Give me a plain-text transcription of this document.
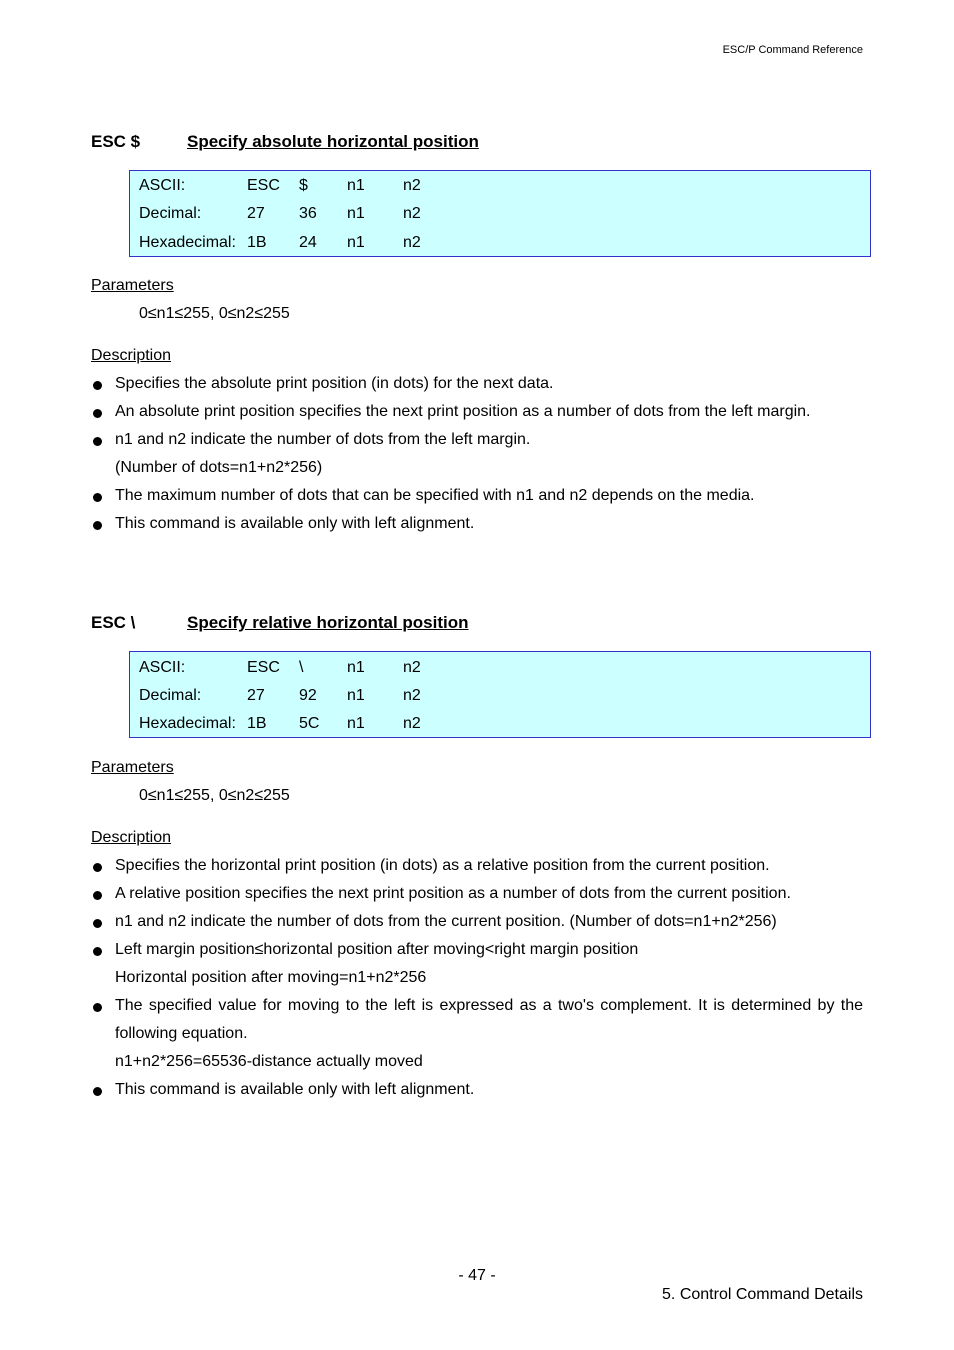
ESC/P Command Reference
ESC $	Specify absolute horizontal position
ASCII:	ESC $ n1 n2
Decimal:	27 36 n1 n2
Hexadecimal: 1B 24 n1 n2
Parameters
0≤n1≤255, 0≤n2≤255
Description
Specifies the absolute print position (in dots) for the next data.
An absolute print position specifies the next print position as a number of dots from the left margin.
n1 and n2 indicate the number of dots from the left margin.
(Number of dots=n1+n2*256)
The maximum number of dots that can be specified with n1 and n2 depends on the media.
This command is available only with left alignment.
ESC \	Specify relative horizontal position
ASCII:	ESC \	n1 n2
Decimal:	27 92 n1 n2
Hexadecimal: 1B 5C n1 n2
Parameters
0≤n1≤255, 0≤n2≤255
Description
Specifies the horizontal print position (in dots) as a relative position from the current position.
A relative position specifies the next print position as a number of dots from the current position.
n1 and n2 indicate the number of dots from the current position. (Number of dots=n1+n2*256)
Left margin position≤horizontal position after moving<right margin position
Horizontal position after moving=n1+n2*256
The specified value for moving to the left is expressed as a two's complement. It is determined by the
following equation.
n1+n2*256=65536-distance actually moved
This command is available only with left alignment.
- 47 -
5. Control Command Details
